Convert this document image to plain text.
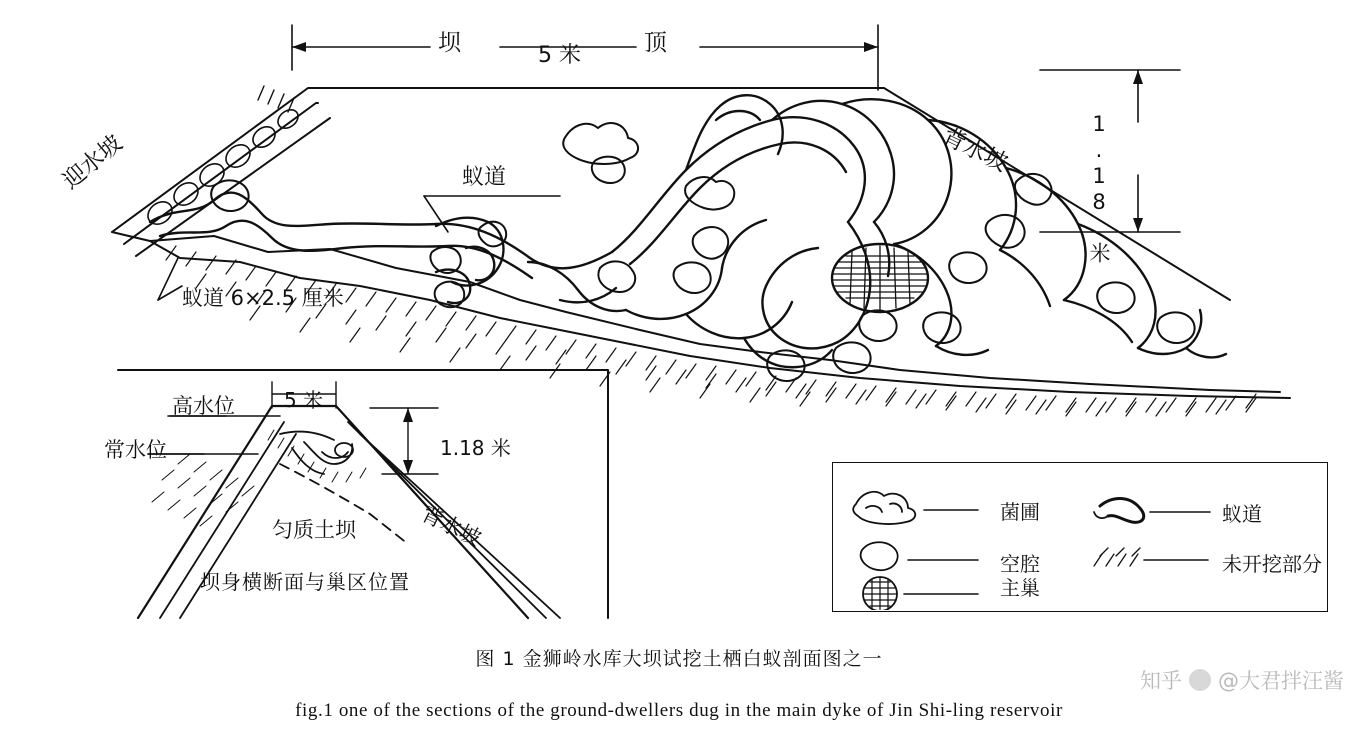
坝	顶
5 米
1.18 米
迎水坡	背水坡
蚁道
蚁道 6×2.5 厘米
高水位
常水位
5 米
1.18 米
匀质土坝	背水坡
坝身横断面与巢区位置
菌圃	蚁道
空腔	未开挖部分
主巢
图 1 金狮岭水库大坝试挖土栖白蚁剖面图之一
fig.1 one of the sections of the ground-dwellers dug in the main dyke of Jin Shi-ling reservoir
知乎 @大君拌汪酱
